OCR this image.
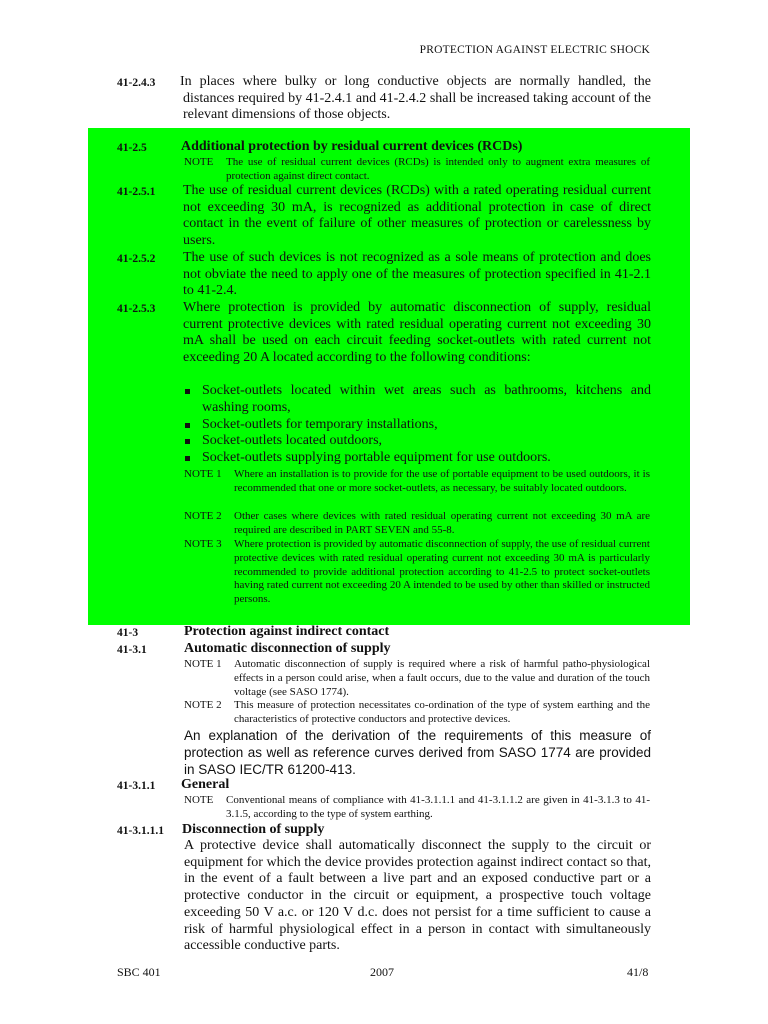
PROTECTION AGAINST ELECTRIC SHOCK
41-2.4.3 In places where bulky or long conductive objects are normally handled, the distances required by 41-2.4.1 and 41-2.4.2 shall be increased taking account of the relevant dimensions of those objects.
41-2.5 Additional protection by residual current devices (RCDs)
NOTE The use of residual current devices (RCDs) is intended only to augment extra measures of protection against direct contact.
41-2.5.1 The use of residual current devices (RCDs) with a rated operating residual current not exceeding 30 mA, is recognized as additional protection in case of direct contact in the event of failure of other measures of protection or carelessness by users.
41-2.5.2 The use of such devices is not recognized as a sole means of protection and does not obviate the need to apply one of the measures of protection specified in 41-2.1 to 41-2.4.
41-2.5.3 Where protection is provided by automatic disconnection of supply, residual current protective devices with rated residual operating current not exceeding 30 mA shall be used on each circuit feeding socket-outlets with rated current not exceeding 20 A located according to the following conditions:
Socket-outlets located within wet areas such as bathrooms, kitchens and washing rooms,
Socket-outlets for temporary installations,
Socket-outlets located outdoors,
Socket-outlets supplying portable equipment for use outdoors.
NOTE 1 Where an installation is to provide for the use of portable equipment to be used outdoors, it is recommended that one or more socket-outlets, as necessary, be suitably located outdoors.
NOTE 2 Other cases where devices with rated residual operating current not exceeding 30 mA are required are described in PART SEVEN and 55-8.
NOTE 3 Where protection is provided by automatic disconnection of supply, the use of residual current protective devices with rated residual operating current not exceeding 30 mA is particularly recommended to provide additional protection according to 41-2.5 to protect socket-outlets having rated current not exceeding 20 A intended to be used by other than skilled or instructed persons.
41-3	Protection against indirect contact
41-3.1	Automatic disconnection of supply
NOTE 1 Automatic disconnection of supply is required where a risk of harmful patho-physiological effects in a person could arise, when a fault occurs, due to the value and duration of the touch voltage (see SASO 1774).
NOTE 2 This measure of protection necessitates co-ordination of the type of system earthing and the characteristics of protective conductors and protective devices.
An explanation of the derivation of the requirements of this measure of protection as well as reference curves derived from SASO 1774 are provided in SASO IEC/TR 61200-413.
41-3.1.1 General
NOTE Conventional means of compliance with 41-3.1.1.1 and 41-3.1.1.2 are given in 41-3.1.3 to 41-3.1.5, according to the type of system earthing.
41-3.1.1.1 Disconnection of supply
A protective device shall automatically disconnect the supply to the circuit or equipment for which the device provides protection against indirect contact so that, in the event of a fault between a live part and an exposed conductive part or a protective conductor in the circuit or equipment, a prospective touch voltage exceeding 50 V a.c. or 120 V d.c. does not persist for a time sufficient to cause a risk of harmful physiological effect in a person in contact with simultaneously accessible conductive parts.
SBC 401	2007	41/8
